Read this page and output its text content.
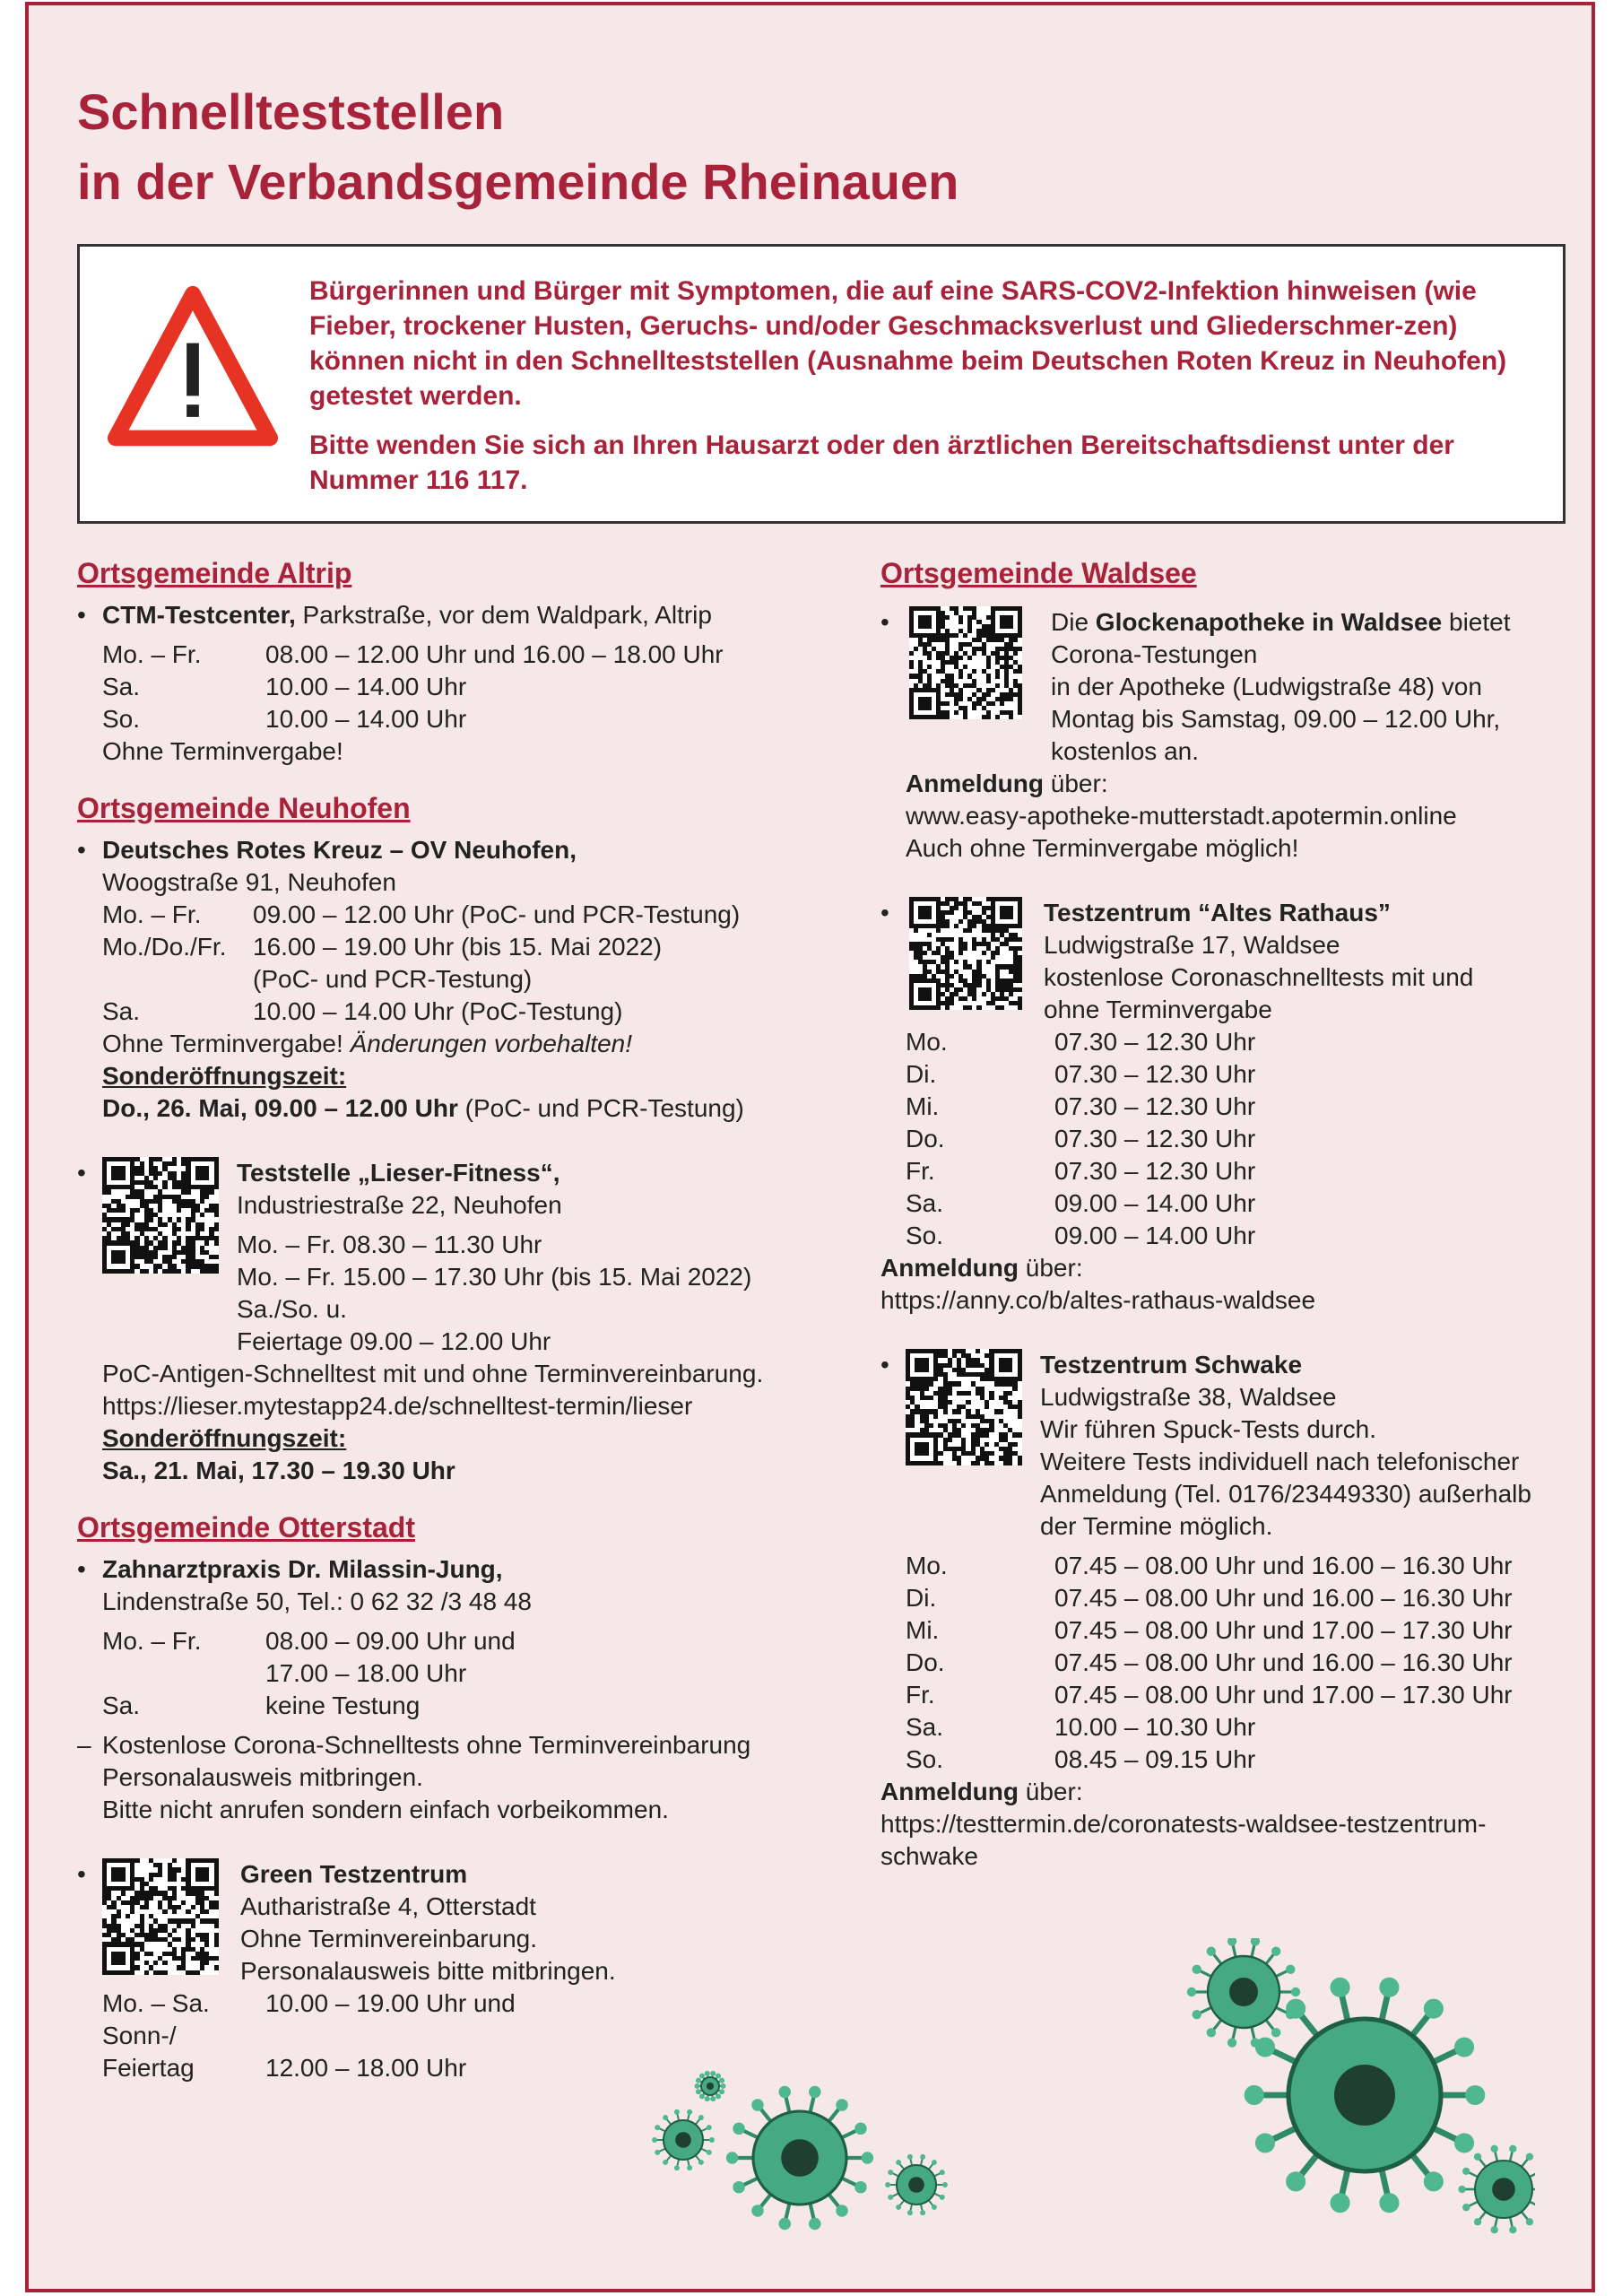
Schnellteststellen
in der Verbandsgemeinde Rheinauen

Bürgerinnen und Bürger mit Symptomen, die auf eine SARS-COV2-Infektion hinweisen (wie Fieber, trockener Husten, Geruchs- und/oder Geschmacksverlust und Gliederschmer-zen) können nicht in den Schnellteststellen (Ausnahme beim Deutschen Roten Kreuz in Neuhofen) getestet werden.

Bitte wenden Sie sich an Ihren Hausarzt oder den ärztlichen Bereitschaftsdienst unter der Nummer 116 117.

Ortsgemeinde Altrip
• CTM-Testcenter, Parkstraße, vor dem Waldpark, Altrip
Mo. – Fr.	08.00 – 12.00 Uhr und 16.00 – 18.00 Uhr
Sa.	10.00 – 14.00 Uhr
So.	10.00 – 14.00 Uhr
Ohne Terminvergabe!
Ortsgemeinde Neuhofen
• Deutsches Rotes Kreuz – OV Neuhofen,
Woogstraße 91, Neuhofen
Mo. – Fr.	09.00 – 12.00 Uhr (PoC- und PCR-Testung)
Mo./Do./Fr.	16.00 – 19.00 Uhr (bis 15. Mai 2022)
(PoC- und PCR-Testung)
Sa.	10.00 – 14.00 Uhr (PoC-Testung)
Ohne Terminvergabe! Änderungen vorbehalten!
Sonderöffnungszeit:
Do., 26. Mai, 09.00 – 12.00 Uhr (PoC- und PCR-Testung)
•	Teststelle „Lieser-Fitness“,
Industriestraße 22, Neuhofen
Mo. – Fr. 08.30 – 11.30 Uhr
Mo. – Fr. 15.00 – 17.30 Uhr (bis 15. Mai 2022)
Sa./So. u.
Feiertage 09.00 – 12.00 Uhr
PoC-Antigen-Schnelltest mit und ohne Terminvereinbarung.
https://lieser.mytestapp24.de/schnelltest-termin/lieser
Sonderöffnungszeit:
Sa., 21. Mai, 17.30 – 19.30 Uhr
Ortsgemeinde Otterstadt
• Zahnarztpraxis Dr. Milassin-Jung,
Lindenstraße 50, Tel.: 0 62 32 /3 48 48
Mo. – Fr.	08.00 – 09.00 Uhr und
17.00 – 18.00 Uhr
Sa.	keine Testung
– Kostenlose Corona-Schnelltests ohne Terminvereinbarung
Personalausweis mitbringen.
Bitte nicht anrufen sondern einfach vorbeikommen.
•	Green Testzentrum
Autharistraße 4, Otterstadt
Ohne Terminvereinbarung.
Personalausweis bitte mitbringen.
Mo. – Sa.	10.00 – 19.00 Uhr und
Sonn-/
Feiertag	12.00 – 18.00 Uhr
Ortsgemeinde Waldsee
•	Die Glockenapotheke in Waldsee bietet
Corona-Testungen
in der Apotheke (Ludwigstraße 48) von
Montag bis Samstag, 09.00 – 12.00 Uhr,
kostenlos an.
Anmeldung über:
www.easy-apotheke-mutterstadt.apotermin.online
Auch ohne Terminvergabe möglich!
•	Testzentrum “Altes Rathaus”
Ludwigstraße 17, Waldsee
kostenlose Coronaschnelltests mit und
ohne Terminvergabe
Mo.	07.30 – 12.30 Uhr
Di.	07.30 – 12.30 Uhr
Mi.	07.30 – 12.30 Uhr
Do.	07.30 – 12.30 Uhr
Fr.	07.30 – 12.30 Uhr
Sa.	09.00 – 14.00 Uhr
So.	09.00 – 14.00 Uhr
Anmeldung über:
https://anny.co/b/altes-rathaus-waldsee
•	Testzentrum Schwake
Ludwigstraße 38, Waldsee
Wir führen Spuck-Tests durch.
Weitere Tests individuell nach telefonischer
Anmeldung (Tel. 0176/23449330) außerhalb
der Termine möglich.
Mo.	07.45 – 08.00 Uhr und 16.00 – 16.30 Uhr
Di.	07.45 – 08.00 Uhr und 16.00 – 16.30 Uhr
Mi.	07.45 – 08.00 Uhr und 17.00 – 17.30 Uhr
Do.	07.45 – 08.00 Uhr und 16.00 – 16.30 Uhr
Fr.	07.45 – 08.00 Uhr und 17.00 – 17.30 Uhr
Sa.	10.00 – 10.30 Uhr
So.	08.45 – 09.15 Uhr
Anmeldung über:
https://testtermin.de/coronatests-waldsee-testzentrum-
schwake
